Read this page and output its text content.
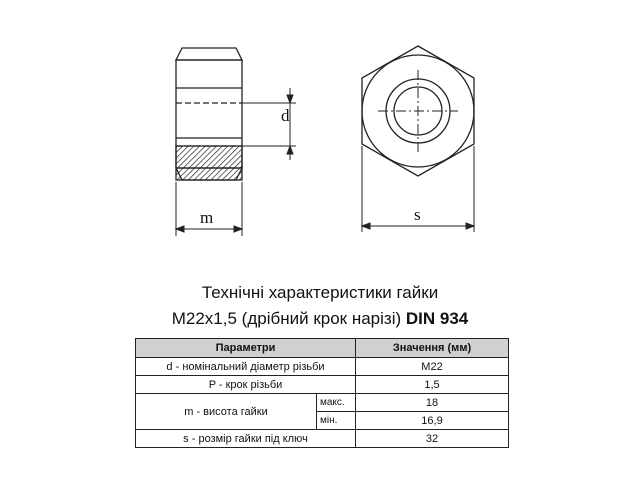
d
m	s
Технічні характеристики гайки
M22x1,5 (дрібний крок нарізі) DIN 934
Параметри		Значення (мм)
d - номінальний діаметр різьби		M22
P - крок різьби		1,5
m - висота гайки	макс.	18
	мін.	16,9
s - розмір гайки під ключ		32
